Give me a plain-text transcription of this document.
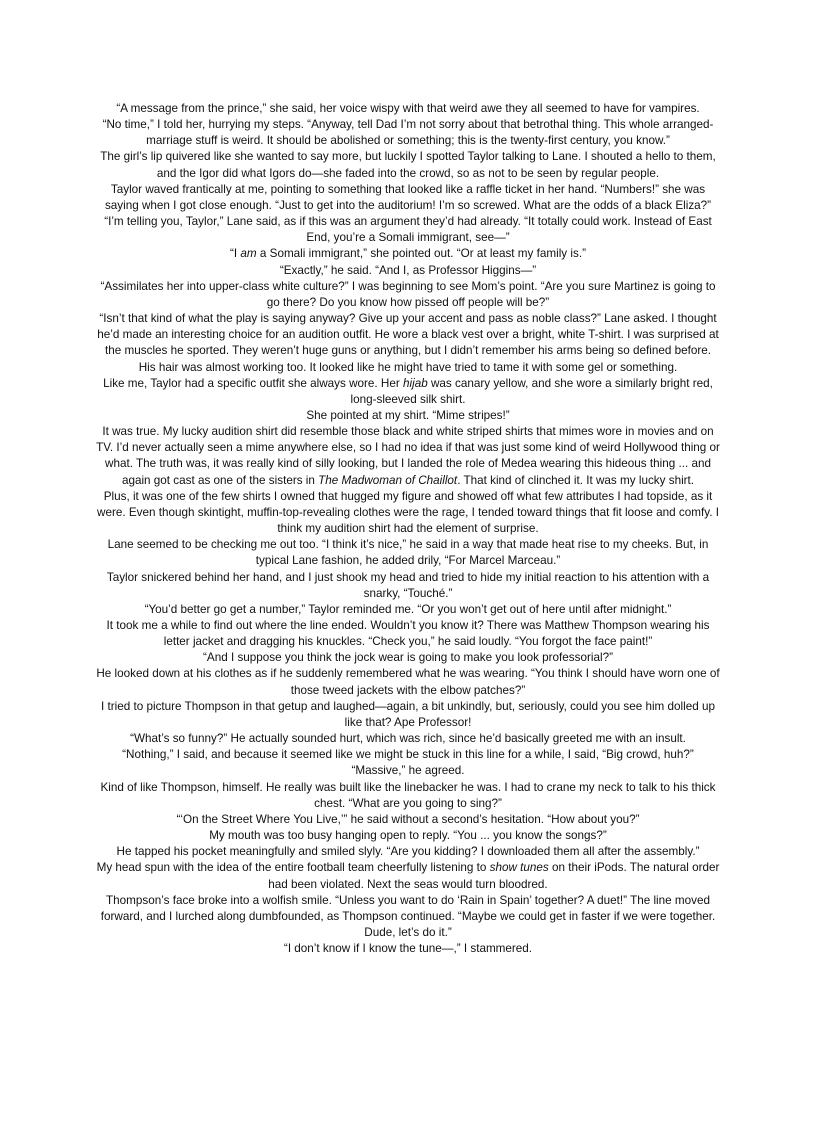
“A message from the prince,” she said, her voice wispy with that weird awe they all seemed to have for vampires.

“No time,” I told her, hurrying my steps. “Anyway, tell Dad I’m not sorry about that betrothal thing. This whole arranged-marriage stuff is weird. It should be abolished or something; this is the twenty-first century, you know.”

The girl’s lip quivered like she wanted to say more, but luckily I spotted Taylor talking to Lane. I shouted a hello to them, and the Igor did what Igors do—she faded into the crowd, so as not to be seen by regular people.

Taylor waved frantically at me, pointing to something that looked like a raffle ticket in her hand. “Numbers!” she was saying when I got close enough. “Just to get into the auditorium! I’m so screwed. What are the odds of a black Eliza?”

“I’m telling you, Taylor,” Lane said, as if this was an argument they’d had already. “It totally could work. Instead of East End, you’re a Somali immigrant, see—”

“I am a Somali immigrant,” she pointed out. “Or at least my family is.”

“Exactly,” he said. “And I, as Professor Higgins—”

“Assimilates her into upper-class white culture?” I was beginning to see Mom’s point. “Are you sure Martinez is going to go there? Do you know how pissed off people will be?”

“Isn’t that kind of what the play is saying anyway? Give up your accent and pass as noble class?” Lane asked. I thought he’d made an interesting choice for an audition outfit. He wore a black vest over a bright, white T-shirt. I was surprised at the muscles he sported. They weren’t huge guns or anything, but I didn’t remember his arms being so defined before. His hair was almost working too. It looked like he might have tried to tame it with some gel or something.

Like me, Taylor had a specific outfit she always wore. Her hijab was canary yellow, and she wore a similarly bright red, long-sleeved silk shirt.

She pointed at my shirt. “Mime stripes!”

It was true. My lucky audition shirt did resemble those black and white striped shirts that mimes wore in movies and on TV. I’d never actually seen a mime anywhere else, so I had no idea if that was just some kind of weird Hollywood thing or what. The truth was, it was really kind of silly looking, but I landed the role of Medea wearing this hideous thing ... and again got cast as one of the sisters in The Madwoman of Chaillot. That kind of clinched it. It was my lucky shirt.

Plus, it was one of the few shirts I owned that hugged my figure and showed off what few attributes I had topside, as it were. Even though skintight, muffin-top-revealing clothes were the rage, I tended toward things that fit loose and comfy. I think my audition shirt had the element of surprise.

Lane seemed to be checking me out too. “I think it’s nice,” he said in a way that made heat rise to my cheeks. But, in typical Lane fashion, he added drily, “For Marcel Marceau.”

Taylor snickered behind her hand, and I just shook my head and tried to hide my initial reaction to his attention with a snarky, “Touché.”

“You’d better go get a number,” Taylor reminded me. “Or you won’t get out of here until after midnight.”

It took me a while to find out where the line ended. Wouldn’t you know it? There was Matthew Thompson wearing his letter jacket and dragging his knuckles. “Check you,” he said loudly. “You forgot the face paint!”

“And I suppose you think the jock wear is going to make you look professorial?”

He looked down at his clothes as if he suddenly remembered what he was wearing. “You think I should have worn one of those tweed jackets with the elbow patches?”

I tried to picture Thompson in that getup and laughed—again, a bit unkindly, but, seriously, could you see him dolled up like that? Ape Professor!

“What’s so funny?” He actually sounded hurt, which was rich, since he’d basically greeted me with an insult.

“Nothing,” I said, and because it seemed like we might be stuck in this line for a while, I said, “Big crowd, huh?”

“Massive,” he agreed.

Kind of like Thompson, himself. He really was built like the linebacker he was. I had to crane my neck to talk to his thick chest. “What are you going to sing?”

“‘On the Street Where You Live,’” he said without a second’s hesitation. “How about you?”

My mouth was too busy hanging open to reply. “You ... you know the songs?”

He tapped his pocket meaningfully and smiled slyly. “Are you kidding? I downloaded them all after the assembly.”

My head spun with the idea of the entire football team cheerfully listening to show tunes on their iPods. The natural order had been violated. Next the seas would turn bloodred.

Thompson’s face broke into a wolfish smile. “Unless you want to do ‘Rain in Spain’ together? A duet!” The line moved forward, and I lurched along dumbfounded, as Thompson continued. “Maybe we could get in faster if we were together. Dude, let’s do it.”

“I don’t know if I know the tune—,” I stammered.
